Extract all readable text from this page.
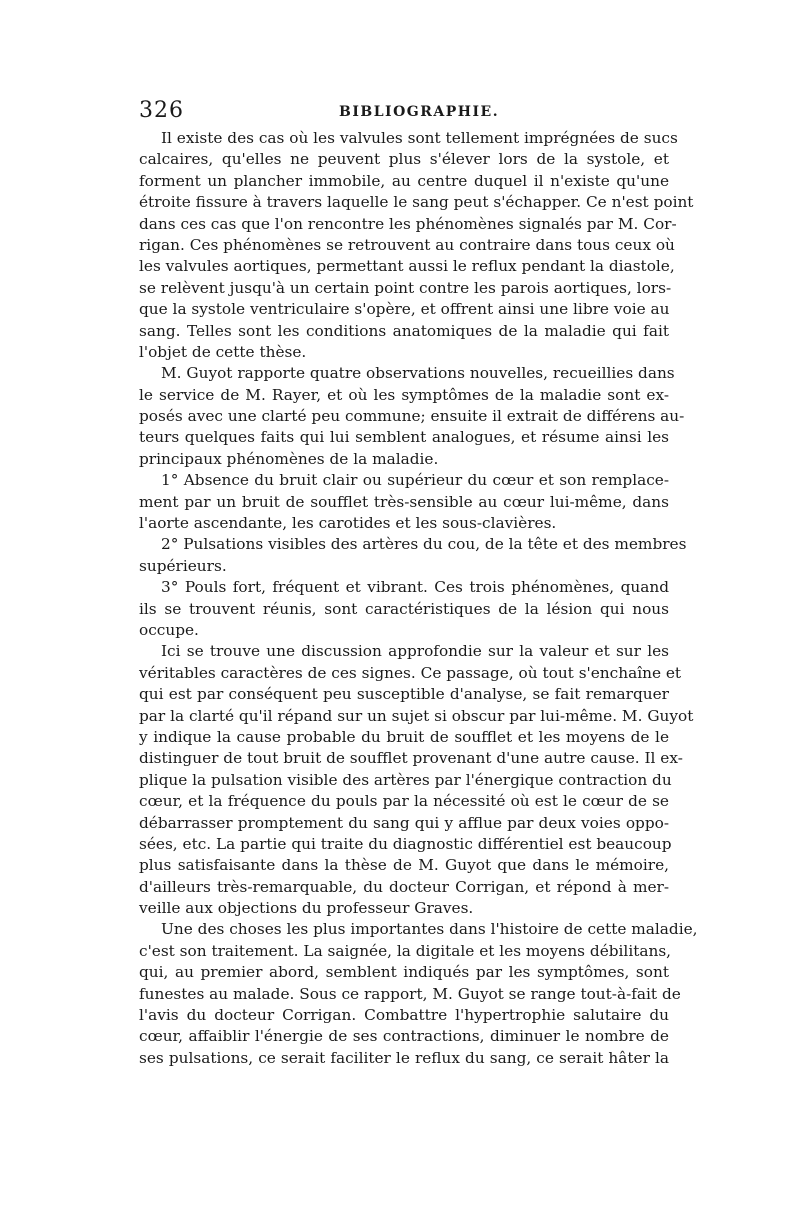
326	BIBLIOGRAPHIE.
Il existe des cas où les valvules sont tellement imprégnées de sucs
calcaires, qu'elles ne peuvent plus s'élever lors de la systole, et
forment un plancher immobile, au centre duquel il n'existe qu'une
étroite fissure à travers laquelle le sang peut s'échapper. Ce n'est point
dans ces cas que l'on rencontre les phénomènes signalés par M. Cor-
rigan. Ces phénomènes se retrouvent au contraire dans tous ceux où
les valvules aortiques, permettant aussi le reflux pendant la diastole,
se relèvent jusqu'à un certain point contre les parois aortiques, lors-
que la systole ventriculaire s'opère, et offrent ainsi une libre voie au
sang. Telles sont les conditions anatomiques de la maladie qui fait
l'objet de cette thèse.
M. Guyot rapporte quatre observations nouvelles, recueillies dans
le service de M. Rayer, et où les symptômes de la maladie sont ex-
posés avec une clarté peu commune; ensuite il extrait de différens au-
teurs quelques faits qui lui semblent analogues, et résume ainsi les
principaux phénomènes de la maladie.
1° Absence du bruit clair ou supérieur du cœur et son remplace-
ment par un bruit de soufflet très-sensible au cœur lui-même, dans
l'aorte ascendante, les carotides et les sous-clavières.
2° Pulsations visibles des artères du cou, de la tête et des membres
supérieurs.
3° Pouls fort, fréquent et vibrant. Ces trois phénomènes, quand
ils se trouvent réunis, sont caractéristiques de la lésion qui nous
occupe.
Ici se trouve une discussion approfondie sur la valeur et sur les
véritables caractères de ces signes. Ce passage, où tout s'enchaîne et
qui est par conséquent peu susceptible d'analyse, se fait remarquer
par la clarté qu'il répand sur un sujet si obscur par lui-même. M. Guyot
y indique la cause probable du bruit de soufflet et les moyens de le
distinguer de tout bruit de soufflet provenant d'une autre cause. Il ex-
plique la pulsation visible des artères par l'énergique contraction du
cœur, et la fréquence du pouls par la nécessité où est le cœur de se
débarrasser promptement du sang qui y afflue par deux voies oppo-
sées, etc. La partie qui traite du diagnostic différentiel est beaucoup
plus satisfaisante dans la thèse de M. Guyot que dans le mémoire,
d'ailleurs très-remarquable, du docteur Corrigan, et répond à mer-
veille aux objections du professeur Graves.
Une des choses les plus importantes dans l'histoire de cette maladie,
c'est son traitement. La saignée, la digitale et les moyens débilitans,
qui, au premier abord, semblent indiqués par les symptômes, sont
funestes au malade. Sous ce rapport, M. Guyot se range tout-à-fait de
l'avis du docteur Corrigan. Combattre l'hypertrophie salutaire du
cœur, affaiblir l'énergie de ses contractions, diminuer le nombre de
ses pulsations, ce serait faciliter le reflux du sang, ce serait hâter la
